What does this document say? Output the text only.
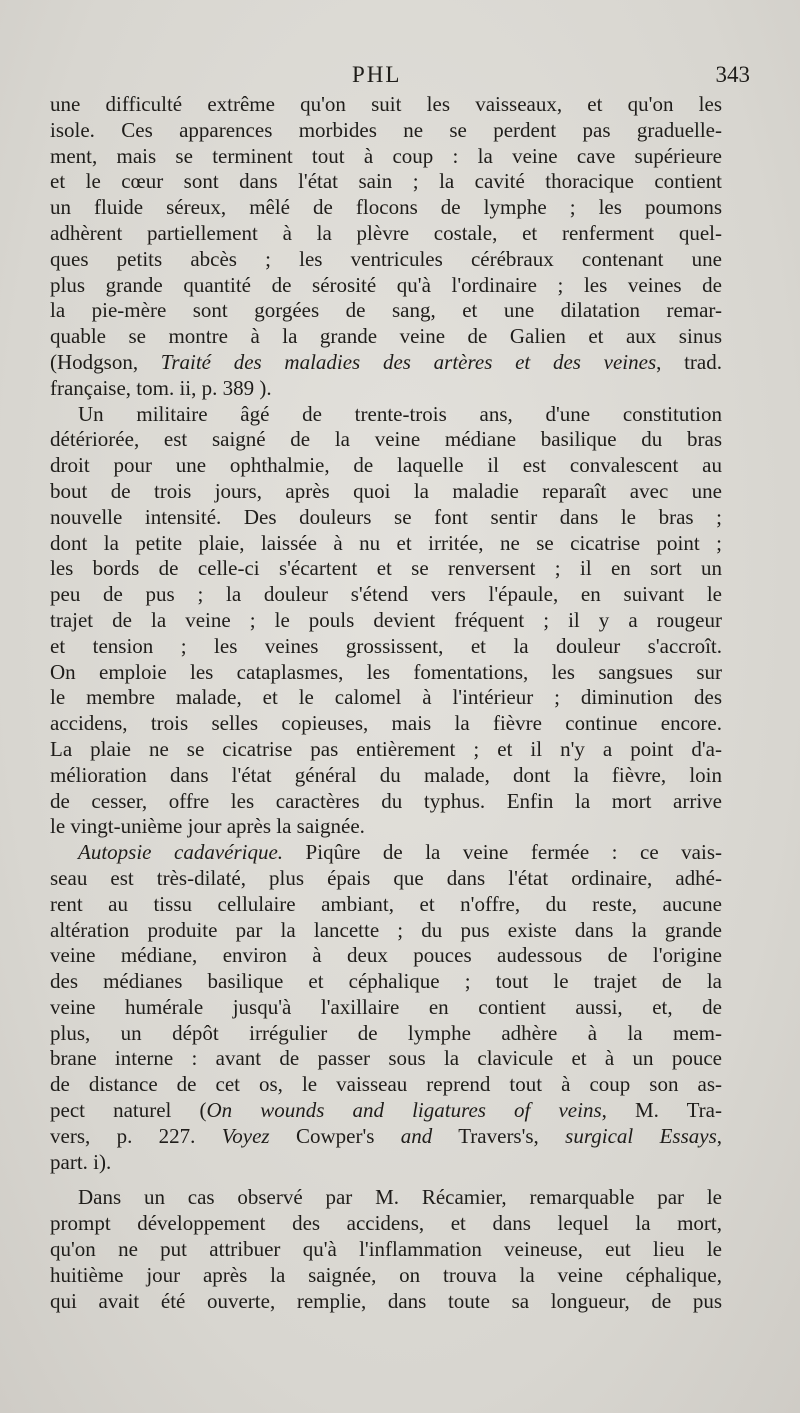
PHL	343
une difficulté extrême qu'on suit les vaisseaux, et qu'on les
isole. Ces apparences morbides ne se perdent pas graduelle-
ment, mais se terminent tout à coup : la veine cave supérieure
et le cœur sont dans l'état sain ; la cavité thoracique contient
un fluide séreux, mêlé de flocons de lymphe ; les poumons
adhèrent partiellement à la plèvre costale, et renferment quel-
ques petits abcès ; les ventricules cérébraux contenant une
plus grande quantité de sérosité qu'à l'ordinaire ; les veines de
la pie-mère sont gorgées de sang, et une dilatation remar-
quable se montre à la grande veine de Galien et aux sinus
(Hodgson, Traité des maladies des artères et des veines, trad.
française, tom. ii, p. 389 ).
Un militaire âgé de trente-trois ans, d'une constitution
détériorée, est saigné de la veine médiane basilique du bras
droit pour une ophthalmie, de laquelle il est convalescent au
bout de trois jours, après quoi la maladie reparaît avec une
nouvelle intensité. Des douleurs se font sentir dans le bras ;
dont la petite plaie, laissée à nu et irritée, ne se cicatrise point ;
les bords de celle-ci s'écartent et se renversent ; il en sort un
peu de pus ; la douleur s'étend vers l'épaule, en suivant le
trajet de la veine ; le pouls devient fréquent ; il y a rougeur
et tension ; les veines grossissent, et la douleur s'accroît.
On emploie les cataplasmes, les fomentations, les sangsues sur
le membre malade, et le calomel à l'intérieur ; diminution des
accidens, trois selles copieuses, mais la fièvre continue encore.
La plaie ne se cicatrise pas entièrement ; et il n'y a point d'a-
mélioration dans l'état général du malade, dont la fièvre, loin
de cesser, offre les caractères du typhus. Enfin la mort arrive
le vingt-unième jour après la saignée.
Autopsie cadavérique. Piqûre de la veine fermée : ce vais-
seau est très-dilaté, plus épais que dans l'état ordinaire, adhé-
rent au tissu cellulaire ambiant, et n'offre, du reste, aucune
altération produite par la lancette ; du pus existe dans la grande
veine médiane, environ à deux pouces audessous de l'origine
des médianes basilique et céphalique ; tout le trajet de la
veine humérale jusqu'à l'axillaire en contient aussi, et, de
plus, un dépôt irrégulier de lymphe adhère à la mem-
brane interne : avant de passer sous la clavicule et à un pouce
de distance de cet os, le vaisseau reprend tout à coup son as-
pect naturel (On wounds and ligatures of veins, M. Tra-
vers, p. 227. Voyez Cowper's and Travers's, surgical Essays,
part. i).
Dans un cas observé par M. Récamier, remarquable par le
prompt développement des accidens, et dans lequel la mort,
qu'on ne put attribuer qu'à l'inflammation veineuse, eut lieu le
huitième jour après la saignée, on trouva la veine céphalique,
qui avait été ouverte, remplie, dans toute sa longueur, de pus
